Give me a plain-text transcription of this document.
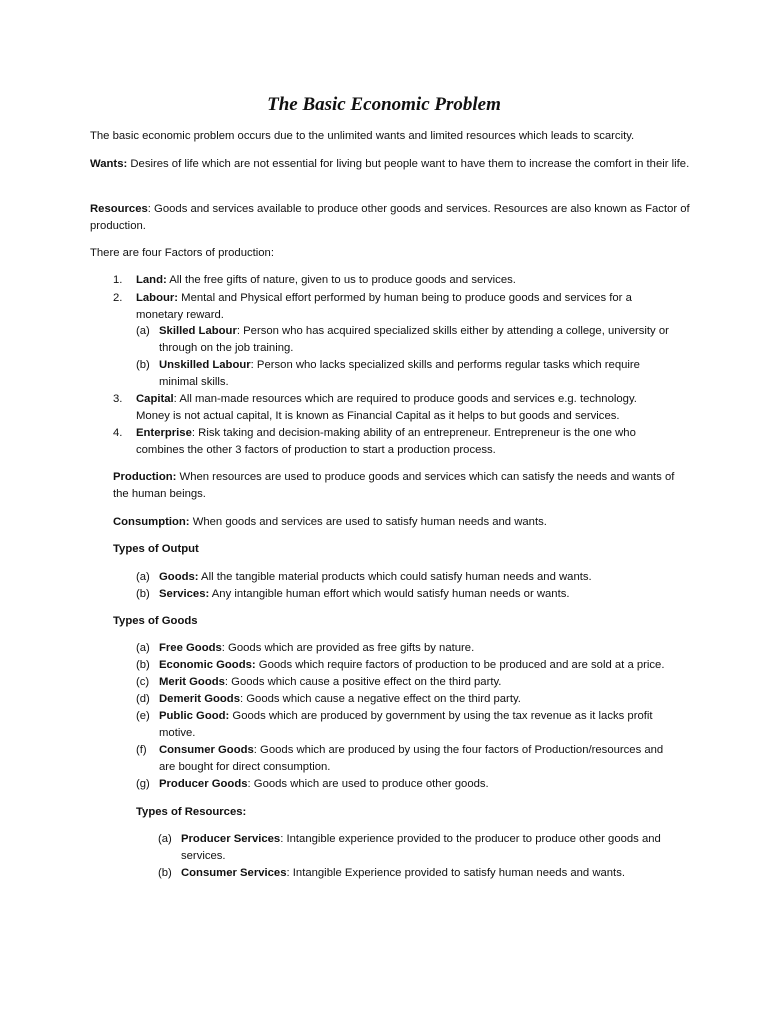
The Basic Economic Problem

The basic economic problem occurs due to the unlimited wants and limited resources which leads to scarcity.

Wants: Desires of life which are not essential for living but people want to have them to increase the comfort in their life.

Resources: Goods and services available to produce other goods and services. Resources are also known as Factor of production.

There are four Factors of production:

1. Land: All the free gifts of nature, given to us to produce goods and services.
2. Labour: Mental and Physical effort performed by human being to produce goods and services for a monetary reward.
(a) Skilled Labour: Person who has acquired specialized skills either by attending a college, university or through on the job training.
(b) Unskilled Labour: Person who lacks specialized skills and performs regular tasks which require minimal skills.
3. Capital: All man-made resources which are required to produce goods and services e.g. technology. Money is not actual capital, It is known as Financial Capital as it helps to but goods and services.
4. Enterprise: Risk taking and decision-making ability of an entrepreneur. Entrepreneur is the one who combines the other 3 factors of production to start a production process.

Production: When resources are used to produce goods and services which can satisfy the needs and wants of the human beings.

Consumption: When goods and services are used to satisfy human needs and wants.

Types of Output

(a) Goods: All the tangible material products which could satisfy human needs and wants.
(b) Services: Any intangible human effort which would satisfy human needs or wants.

Types of Goods

(a) Free Goods: Goods which are provided as free gifts by nature.
(b) Economic Goods: Goods which require factors of production to be produced and are sold at a price.
(c) Merit Goods: Goods which cause a positive effect on the third party.
(d) Demerit Goods: Goods which cause a negative effect on the third party.
(e) Public Good: Goods which are produced by government by using the tax revenue as it lacks profit motive.
(f) Consumer Goods: Goods which are produced by using the four factors of Production/resources and are bought for direct consumption.
(g) Producer Goods: Goods which are used to produce other goods.

Types of Resources:

(a) Producer Services: Intangible experience provided to the producer to produce other goods and services.
(b) Consumer Services: Intangible Experience provided to satisfy human needs and wants.
